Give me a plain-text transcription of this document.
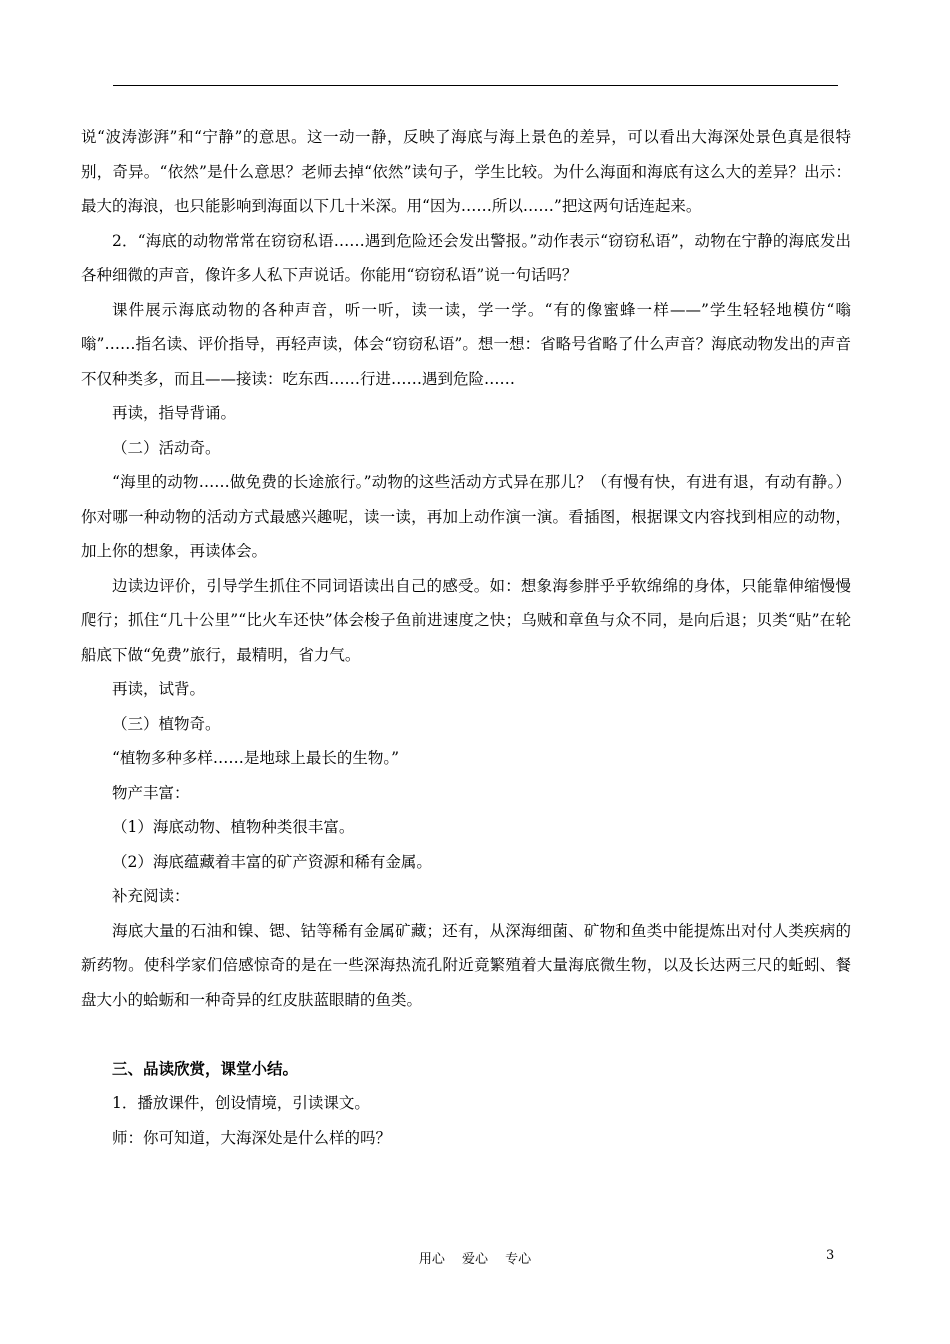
说“波涛澎湃”和“宁静”的意思。这一动一静，反映了海底与海上景色的差异，可以看出大海深处景色真是很特别，奇异。“依然”是什么意思？老师去掉“依然”读句子，学生比较。为什么海面和海底有这么大的差异？出示：最大的海浪，也只能影响到海面以下几十米深。用“因为……所以……”把这两句话连起来。

2．“海底的动物常常在窃窃私语……遇到危险还会发出警报。”动作表示“窃窃私语”，动物在宁静的海底发出各种细微的声音，像许多人私下声说话。你能用“窃窃私语”说一句话吗？

课件展示海底动物的各种声音，听一听，读一读，学一学。“有的像蜜蜂一样——”学生轻轻地模仿“嗡嗡”……指名读、评价指导，再轻声读，体会“窃窃私语”。想一想：省略号省略了什么声音？海底动物发出的声音不仅种类多，而且——接读：吃东西……行进……遇到危险……

再读，指导背诵。

（二）活动奇。

“海里的动物……做免费的长途旅行。”动物的这些活动方式异在那儿？（有慢有快，有进有退，有动有静。）你对哪一种动物的活动方式最感兴趣呢，读一读，再加上动作演一演。看插图，根据课文内容找到相应的动物，加上你的想象，再读体会。

边读边评价，引导学生抓住不同词语读出自己的感受。如：想象海参胖乎乎软绵绵的身体，只能靠伸缩慢慢爬行；抓住“几十公里”“比火车还快”体会梭子鱼前进速度之快；乌贼和章鱼与众不同，是向后退；贝类“贴”在轮船底下做“免费”旅行，最精明，省力气。

再读，试背。

（三）植物奇。

“植物多种多样……是地球上最长的生物。”

物产丰富：

（1）海底动物、植物种类很丰富。

（2）海底蕴藏着丰富的矿产资源和稀有金属。

补充阅读：

海底大量的石油和镍、锶、钴等稀有金属矿藏；还有，从深海细菌、矿物和鱼类中能提炼出对付人类疾病的新药物。使科学家们倍感惊奇的是在一些深海热流孔附近竟繁殖着大量海底微生物，以及长达两三尺的蚯蚓、餐盘大小的蛤蛎和一种奇异的红皮肤蓝眼睛的鱼类。

三、品读欣赏，课堂小结。

1．播放课件，创设情境，引读课文。

师：你可知道，大海深处是什么样的吗？

用心　 爱心　 专心	3
